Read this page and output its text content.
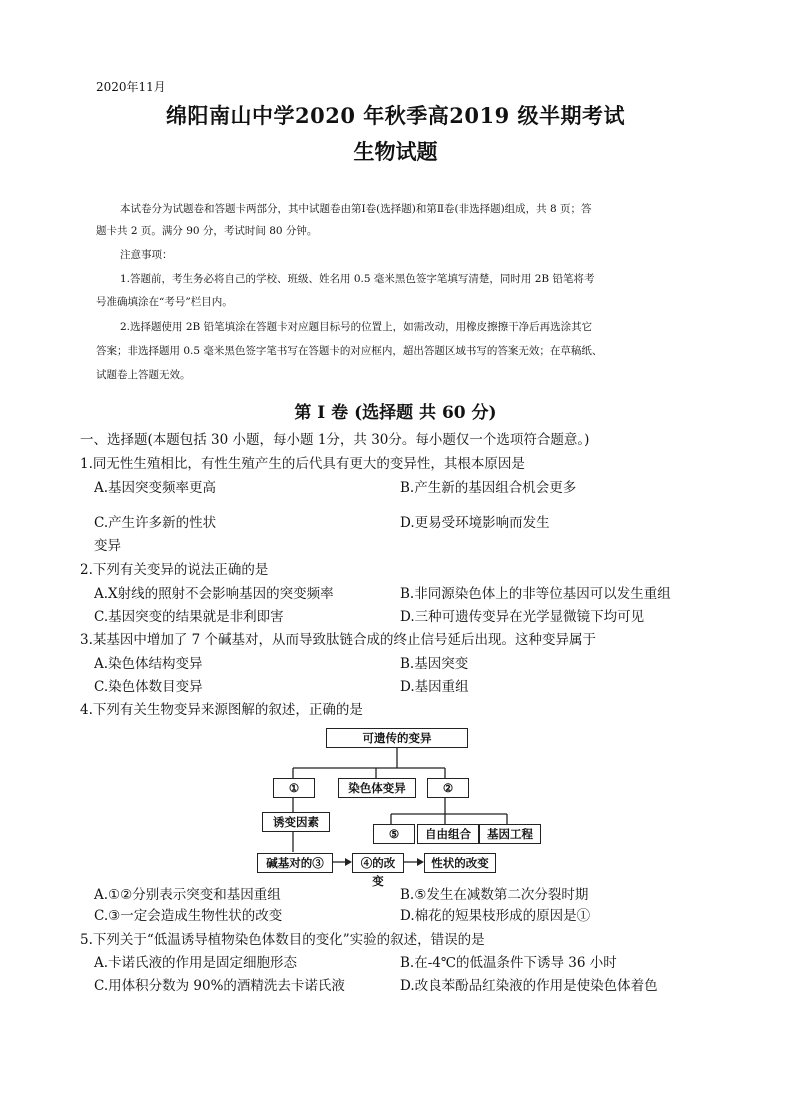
2020年11月
绵阳南山中学2020 年秋季高2019 级半期考试
生物试题
本试卷分为试题卷和答题卡两部分，其中试题卷由第Ⅰ卷(选择题)和第Ⅱ卷(非选择题)组成，共 8 页；答
题卡共 2 页。满分 90 分，考试时间 80 分钟。
注意事项：
1.答题前，考生务必将自己的学校、班级、姓名用 0.5 毫米黑色签字笔填写清楚，同时用 2B 铅笔将考
号准确填涂在“考号”栏目内。
2.选择题使用 2B 铅笔填涂在答题卡对应题目标号的位置上，如需改动，用橡皮擦擦干净后再选涂其它
答案；非选择题用 0.5 毫米黑色签字笔书写在答题卡的对应框内，超出答题区域书写的答案无效；在草稿纸、
试题卷上答题无效。
第 I 卷 (选择题 共 60 分)
一、选择题(本题包括 30 小题，每小题 1分，共 30分。每小题仅一个选项符合题意。)
1.同无性生殖相比，有性生殖产生的后代具有更大的变异性，其根本原因是
A.基因突变频率更高	B.产生新的基因组合机会更多
C.产生许多新的性状
变异
D.更易受环境影响而发生
2.下列有关变异的说法正确的是
A.X射线的照射不会影响基因的突变频率	B.非同源染色体上的非等位基因可以发生重组
C.基因突变的结果就是非利即害	D.三种可遗传变异在光学显微镜下均可见
3.某基因中增加了 7 个碱基对，从而导致肽链合成的终止信号延后出现。这种变异属于
A.染色体结构变异	B.基因突变
C.染色体数目变异	D.基因重组
4.下列有关生物变异来源图解的叙述，正确的是
可遗传的变异
①	染色体变异	②
诱变因素
⑤	自由组合	基因工程
碱基对的③	④的改变
性状的改变
A.①②分别表示突变和基因重组	B.⑤发生在减数第二次分裂时期
C.③一定会造成生物性状的改变	D.棉花的短果枝形成的原因是①
5.下列关于“低温诱导植物染色体数目的变化”实验的叙述，错误的是
A.卡诺氏液的作用是固定细胞形态	B.在-4℃的低温条件下诱导 36 小时
C.用体积分数为 90%的酒精洗去卡诺氏液	D.改良苯酚品红染液的作用是使染色体着色
